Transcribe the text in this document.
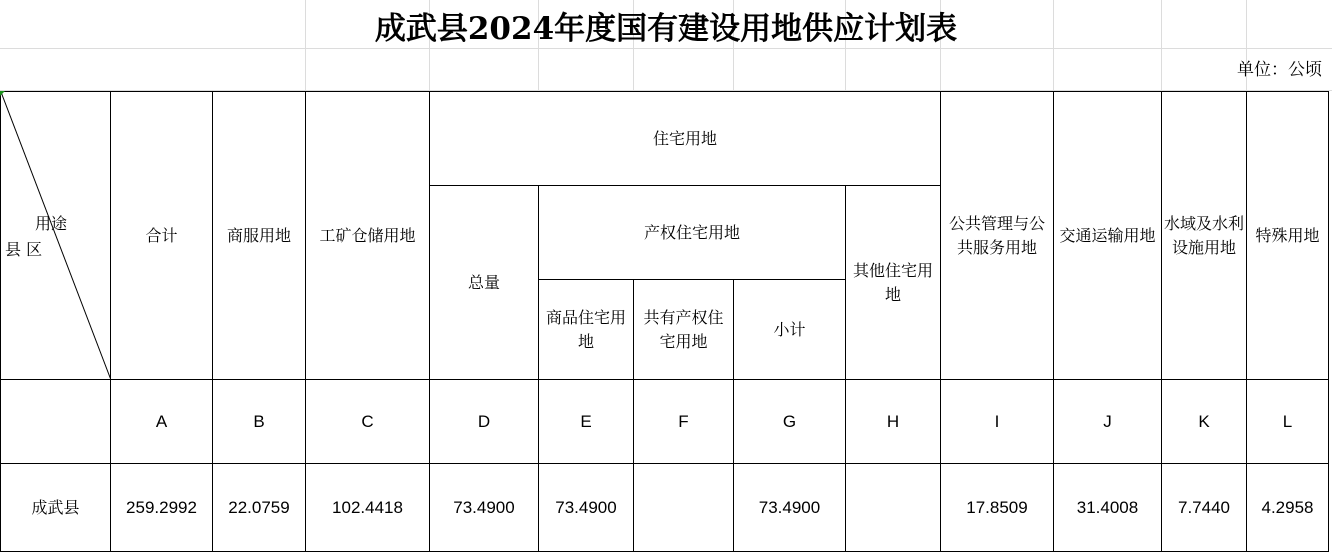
成武县2024年度国有建设用地供应计划表
单位：公顷
用途
县 区	合计	商服用地	工矿仓储用地	住宅用地					公共管理与公共服务用地	交通运输用地	水域及水利设施用地	特殊用地
				总量	产权住宅用地			其他住宅用地				
					商品住宅用地	共有产权住宅用地	小计					
	A	B	C	D	E	F	G	H	I	J	K	L
成武县	259.2992	22.0759	102.4418	73.4900	73.4900		73.4900		17.8509	31.4008	7.7440	4.2958
